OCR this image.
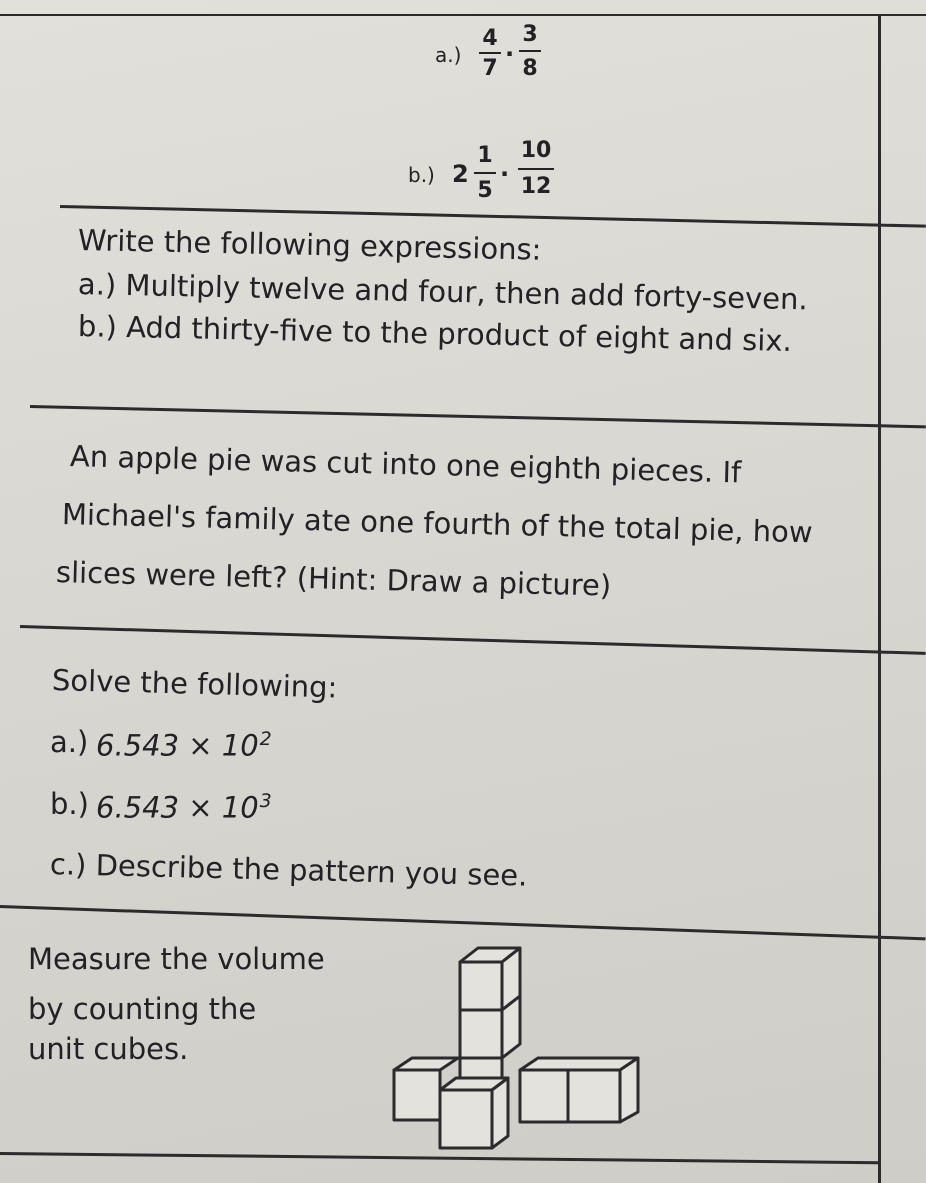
a.)
4
7
·
3
8
b.) 2
1
5
·
10
12
Write the following expressions:
a.) Multiply twelve and four, then add forty-seven.
b.) Add thirty-five to the product of eight and six.
An apple pie was cut into one eighth pieces. If
Michael's family ate one fourth of the total pie, how
slices were left? (Hint: Draw a picture)
Solve the following:
a.) $6.543 \times 10^2$
b.) $6.543 \times 10^3$
c.) Describe the pattern you see.
Measure the volume
by counting the
unit cubes.
